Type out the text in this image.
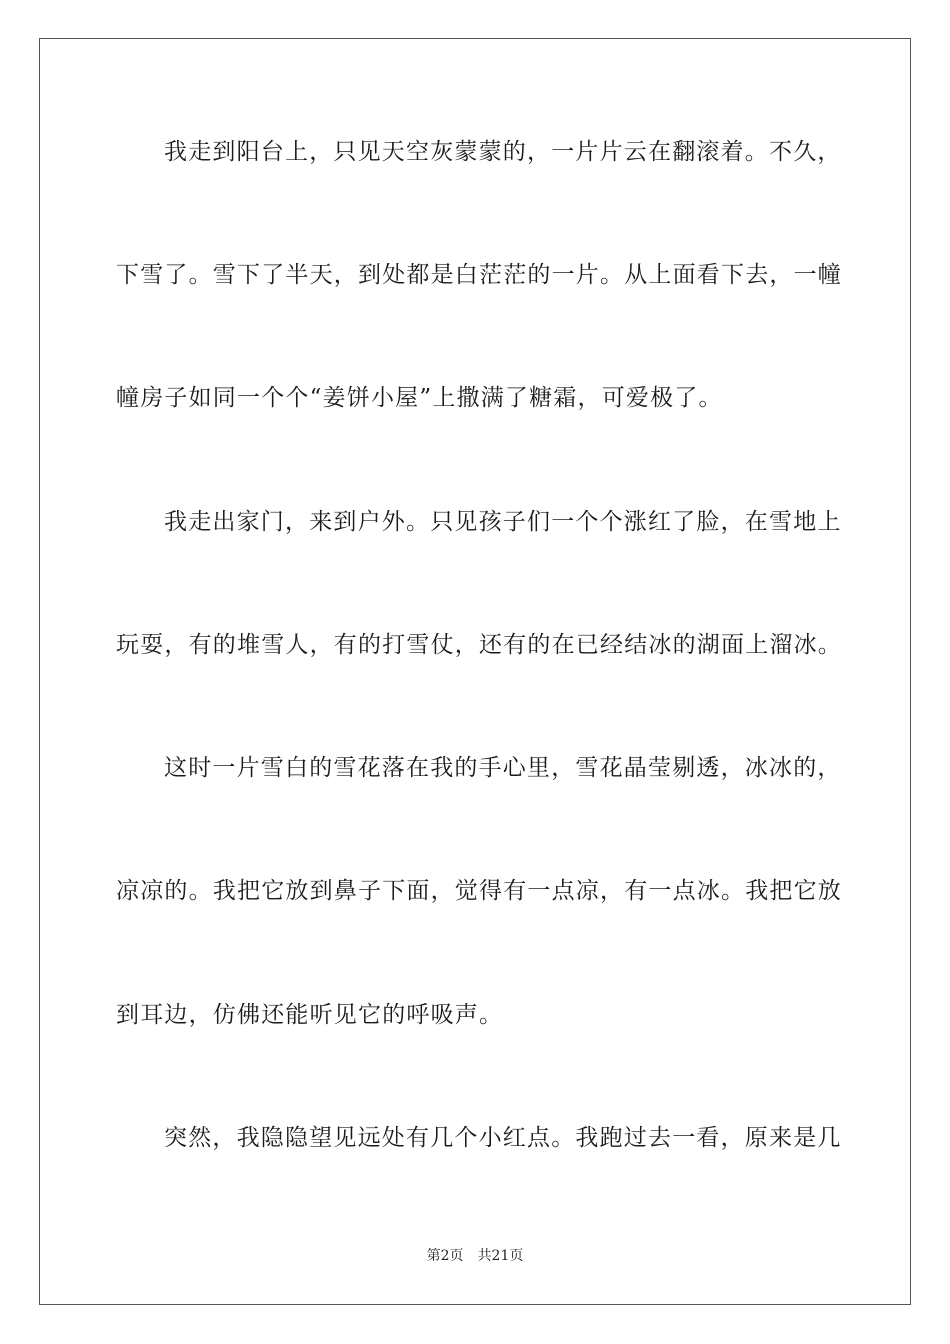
我走到阳台上，只见天空灰蒙蒙的，一片片云在翻滚着。不久，
下雪了。雪下了半天，到处都是白茫茫的一片。从上面看下去，一幢
幢房子如同一个个“姜饼小屋”上撒满了糖霜，可爱极了。
我走出家门，来到户外。只见孩子们一个个涨红了脸，在雪地上
玩耍，有的堆雪人，有的打雪仗，还有的在已经结冰的湖面上溜冰。
这时一片雪白的雪花落在我的手心里，雪花晶莹剔透，冰冰的，
凉凉的。我把它放到鼻子下面，觉得有一点凉，有一点冰。我把它放
到耳边，仿佛还能听见它的呼吸声。
突然，我隐隐望见远处有几个小红点。我跑过去一看，原来是几
第2页 共21页
